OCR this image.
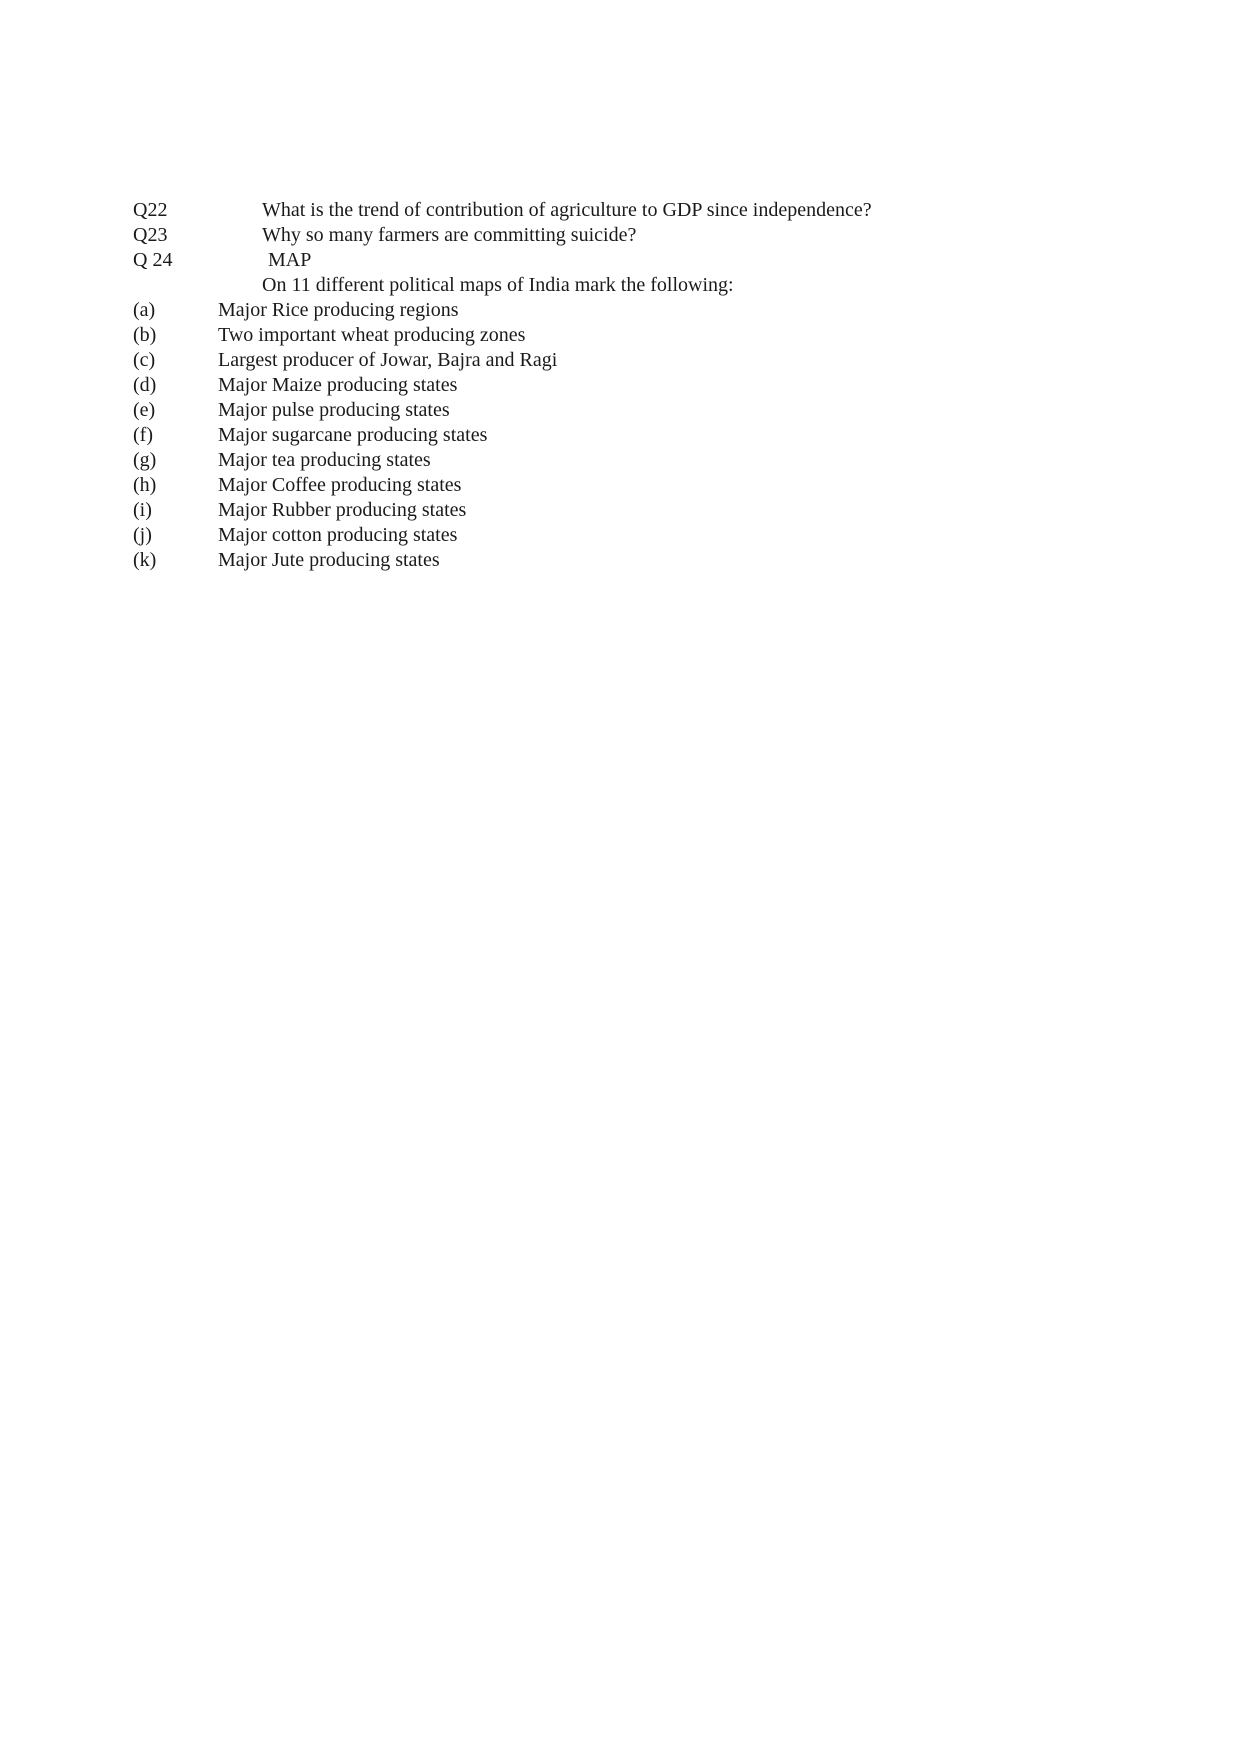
Q22	What is the trend of contribution of agriculture to GDP since independence?
Q23	Why so many farmers are committing suicide?
Q 24	MAP
On 11 different political maps of India mark the following:
(a)	Major Rice producing regions
(b)	Two important wheat producing zones
(c)	Largest producer of Jowar, Bajra and Ragi
(d)	Major Maize producing states
(e)	Major pulse producing states
(f)	Major sugarcane producing states
(g)	Major tea producing states
(h)	Major Coffee producing states
(i)	Major Rubber producing states
(j)	Major cotton producing states
(k)	Major Jute producing states
